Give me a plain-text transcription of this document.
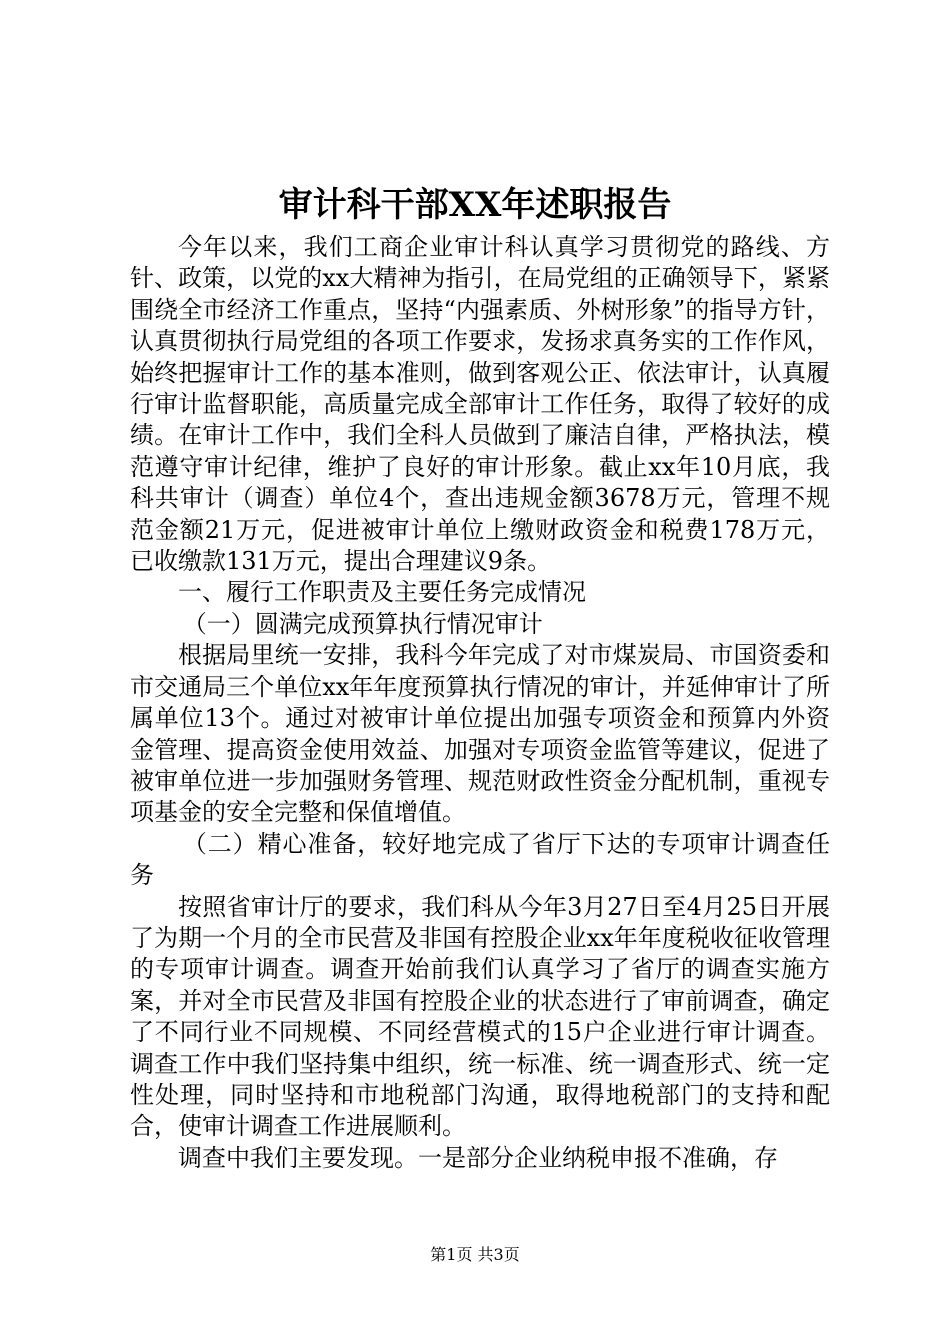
审计科干部XX年述职报告

今年以来，我们工商企业审计科认真学习贯彻党的路线、方针、政策，以党的xx大精神为指引，在局党组的正确领导下，紧紧围绕全市经济工作重点，坚持“内强素质、外树形象”的指导方针，认真贯彻执行局党组的各项工作要求，发扬求真务实的工作作风，始终把握审计工作的基本准则，做到客观公正、依法审计，认真履行审计监督职能，高质量完成全部审计工作任务，取得了较好的成绩。在审计工作中，我们全科人员做到了廉洁自律，严格执法，模范遵守审计纪律，维护了良好的审计形象。截止xx年10月底，我科共审计（调查）单位4个，查出违规金额3678万元，管理不规范金额21万元，促进被审计单位上缴财政资金和税费178万元，已收缴款131万元，提出合理建议9条。

一、履行工作职责及主要任务完成情况

（一）圆满完成预算执行情况审计

根据局里统一安排，我科今年完成了对市煤炭局、市国资委和市交通局三个单位xx年年度预算执行情况的审计，并延伸审计了所属单位13个。通过对被审计单位提出加强专项资金和预算内外资金管理、提高资金使用效益、加强对专项资金监管等建议，促进了被审单位进一步加强财务管理、规范财政性资金分配机制，重视专项基金的安全完整和保值增值。

（二）精心准备，较好地完成了省厅下达的专项审计调查任务

按照省审计厅的要求，我们科从今年3月27日至4月25日开展了为期一个月的全市民营及非国有控股企业xx年年度税收征收管理的专项审计调查。调查开始前我们认真学习了省厅的调查实施方案，并对全市民营及非国有控股企业的状态进行了审前调查，确定了不同行业不同规模、不同经营模式的15户企业进行审计调查。调查工作中我们坚持集中组织，统一标准、统一调查形式、统一定性处理，同时坚持和市地税部门沟通，取得地税部门的支持和配合，使审计调查工作进展顺利。

调查中我们主要发现。一是部分企业纳税申报不准确，存

第1页 共3页
